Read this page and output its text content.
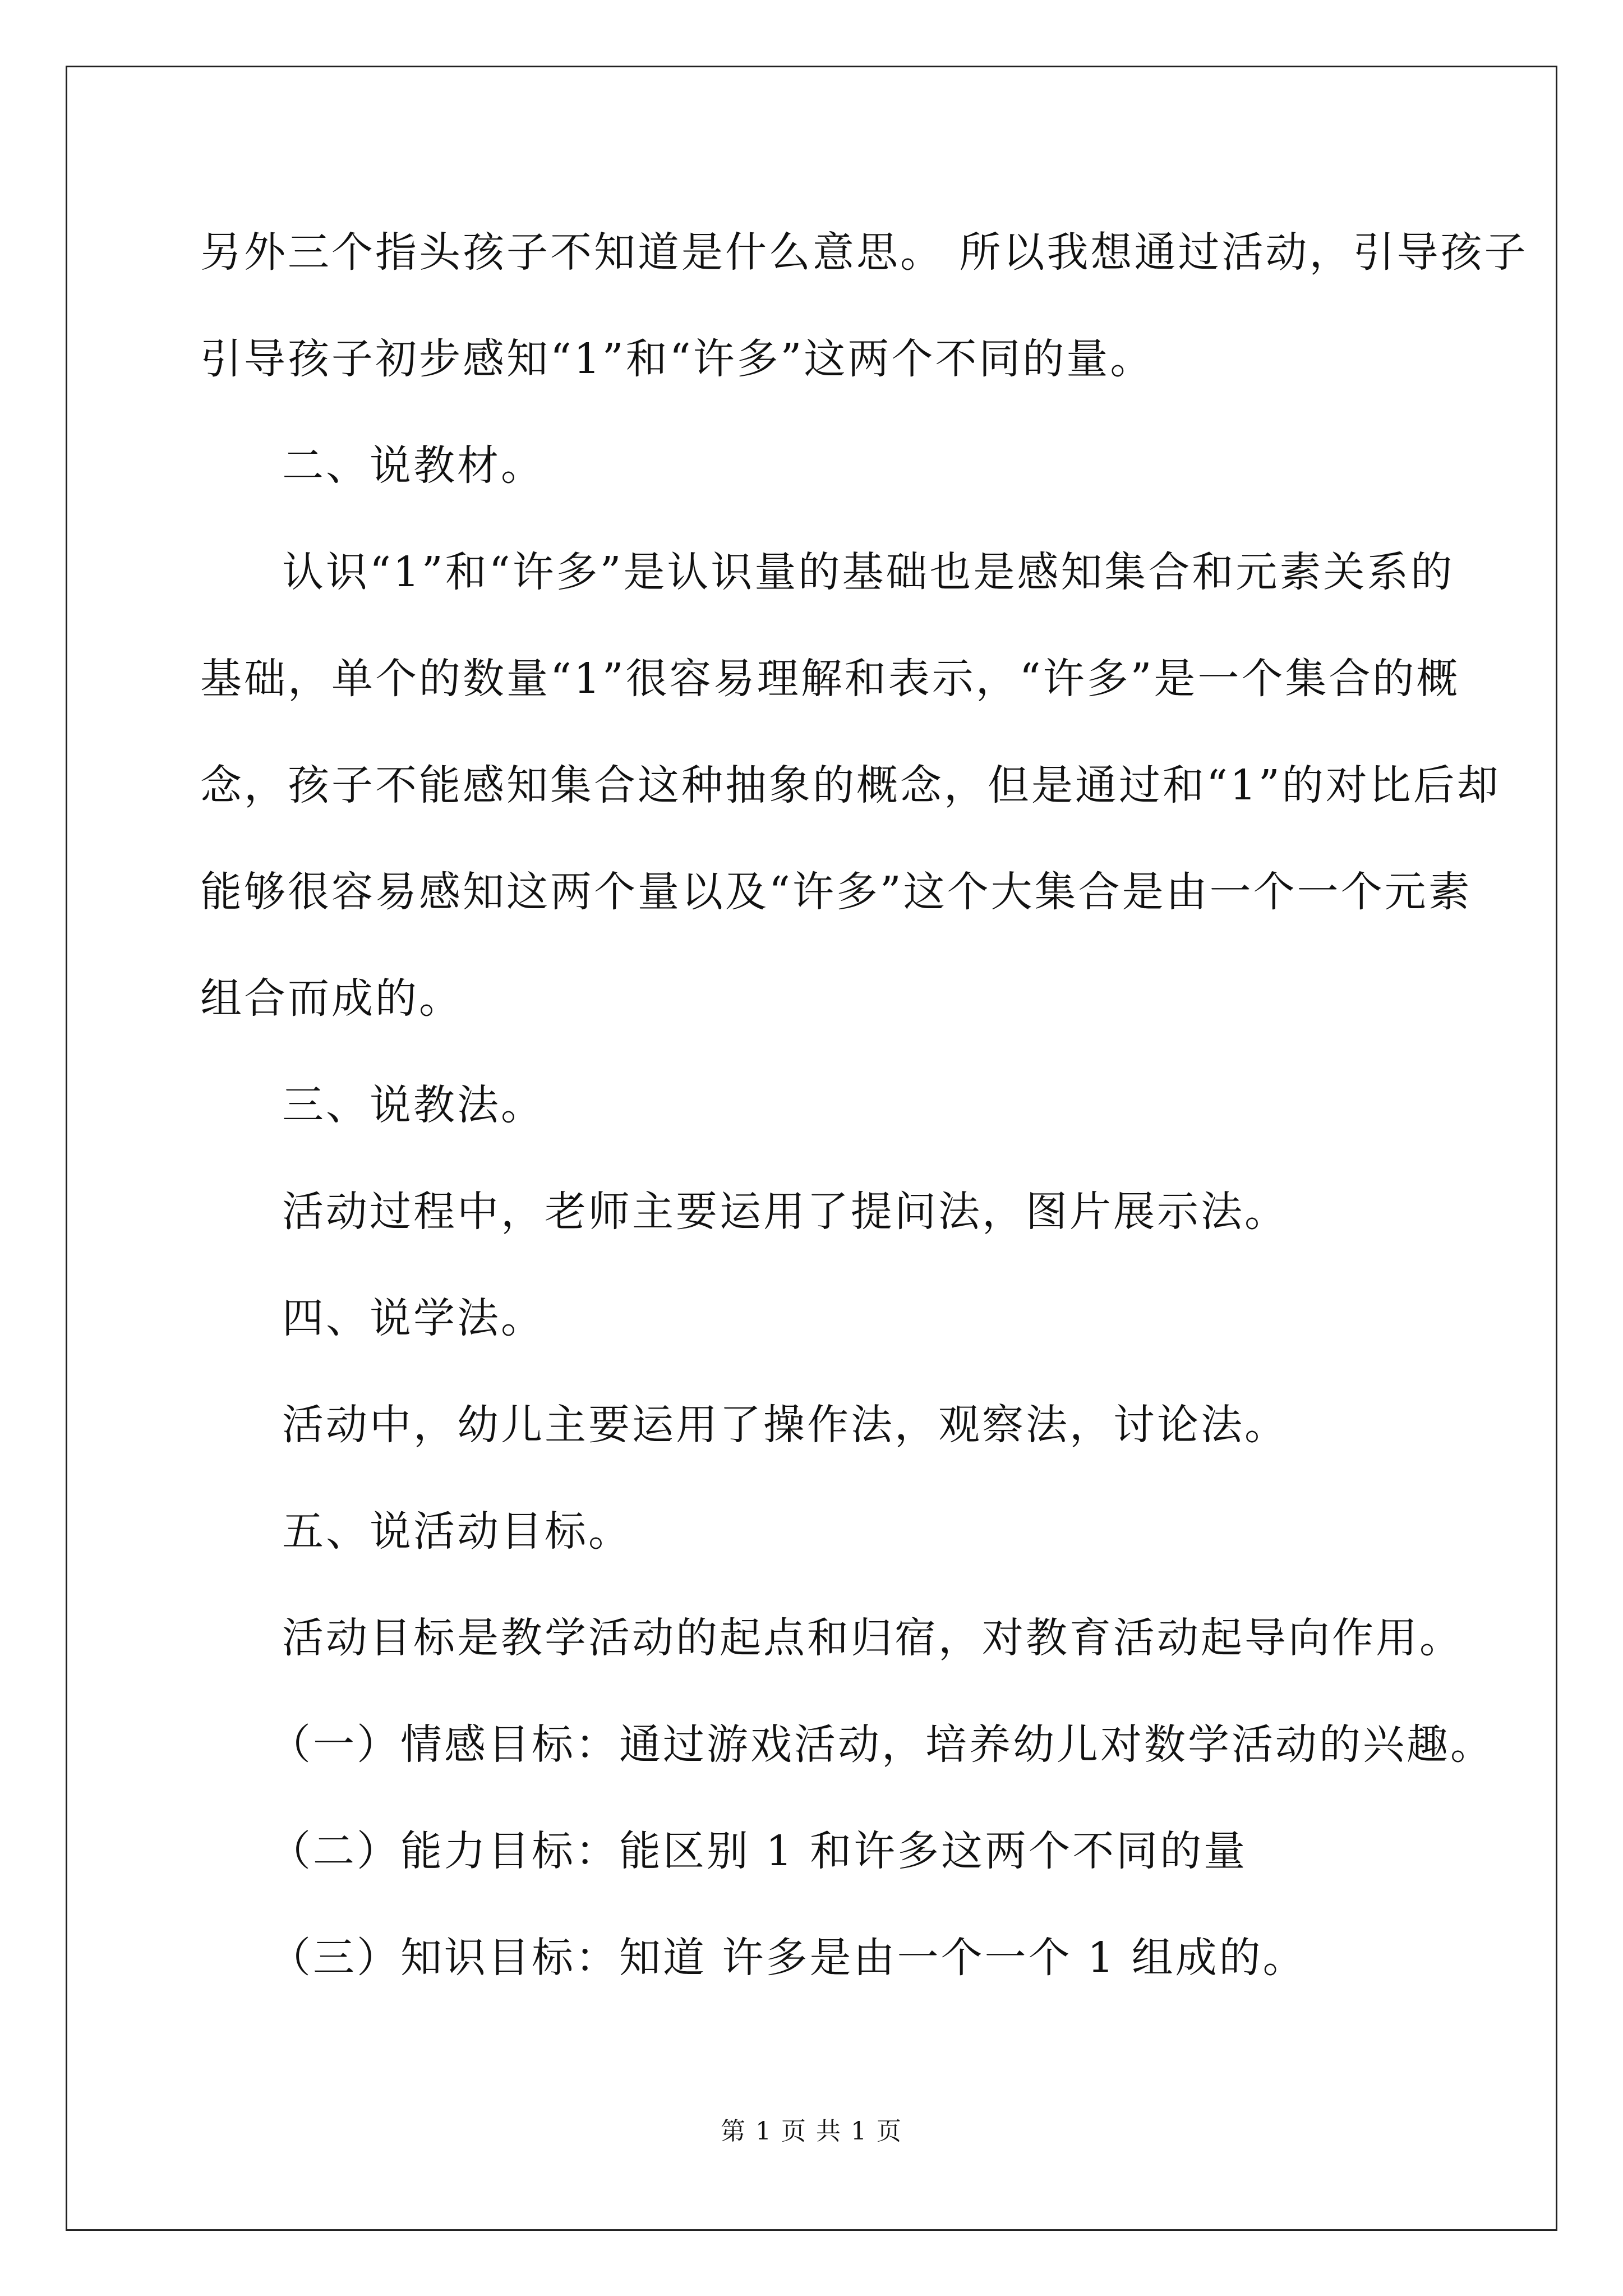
另外三个指头孩子不知道是什么意思。 所以我想通过活动，引导孩子
引导孩子初步感知“1”和“许多”这两个不同的量。
二、说教材。
认识“1”和“许多”是认识量的基础也是感知集合和元素关系的
基础，单个的数量“1”很容易理解和表示，“许多”是一个集合的概
念，孩子不能感知集合这种抽象的概念，但是通过和“1”的对比后却
能够很容易感知这两个量以及“许多”这个大集合是由一个一个元素
组合而成的。
三、说教法。
活动过程中，老师主要运用了提问法，图片展示法。
四、说学法。
活动中，幼儿主要运用了操作法，观察法，讨论法。
五、说活动目标。
活动目标是教学活动的起点和归宿，对教育活动起导向作用。
（一）情感目标：通过游戏活动，培养幼儿对数学活动的兴趣。
（二）能力目标：能区别 1 和许多这两个不同的量
（三）知识目标：知道 许多是由一个一个 1 组成的。
第 1 页 共 1 页
